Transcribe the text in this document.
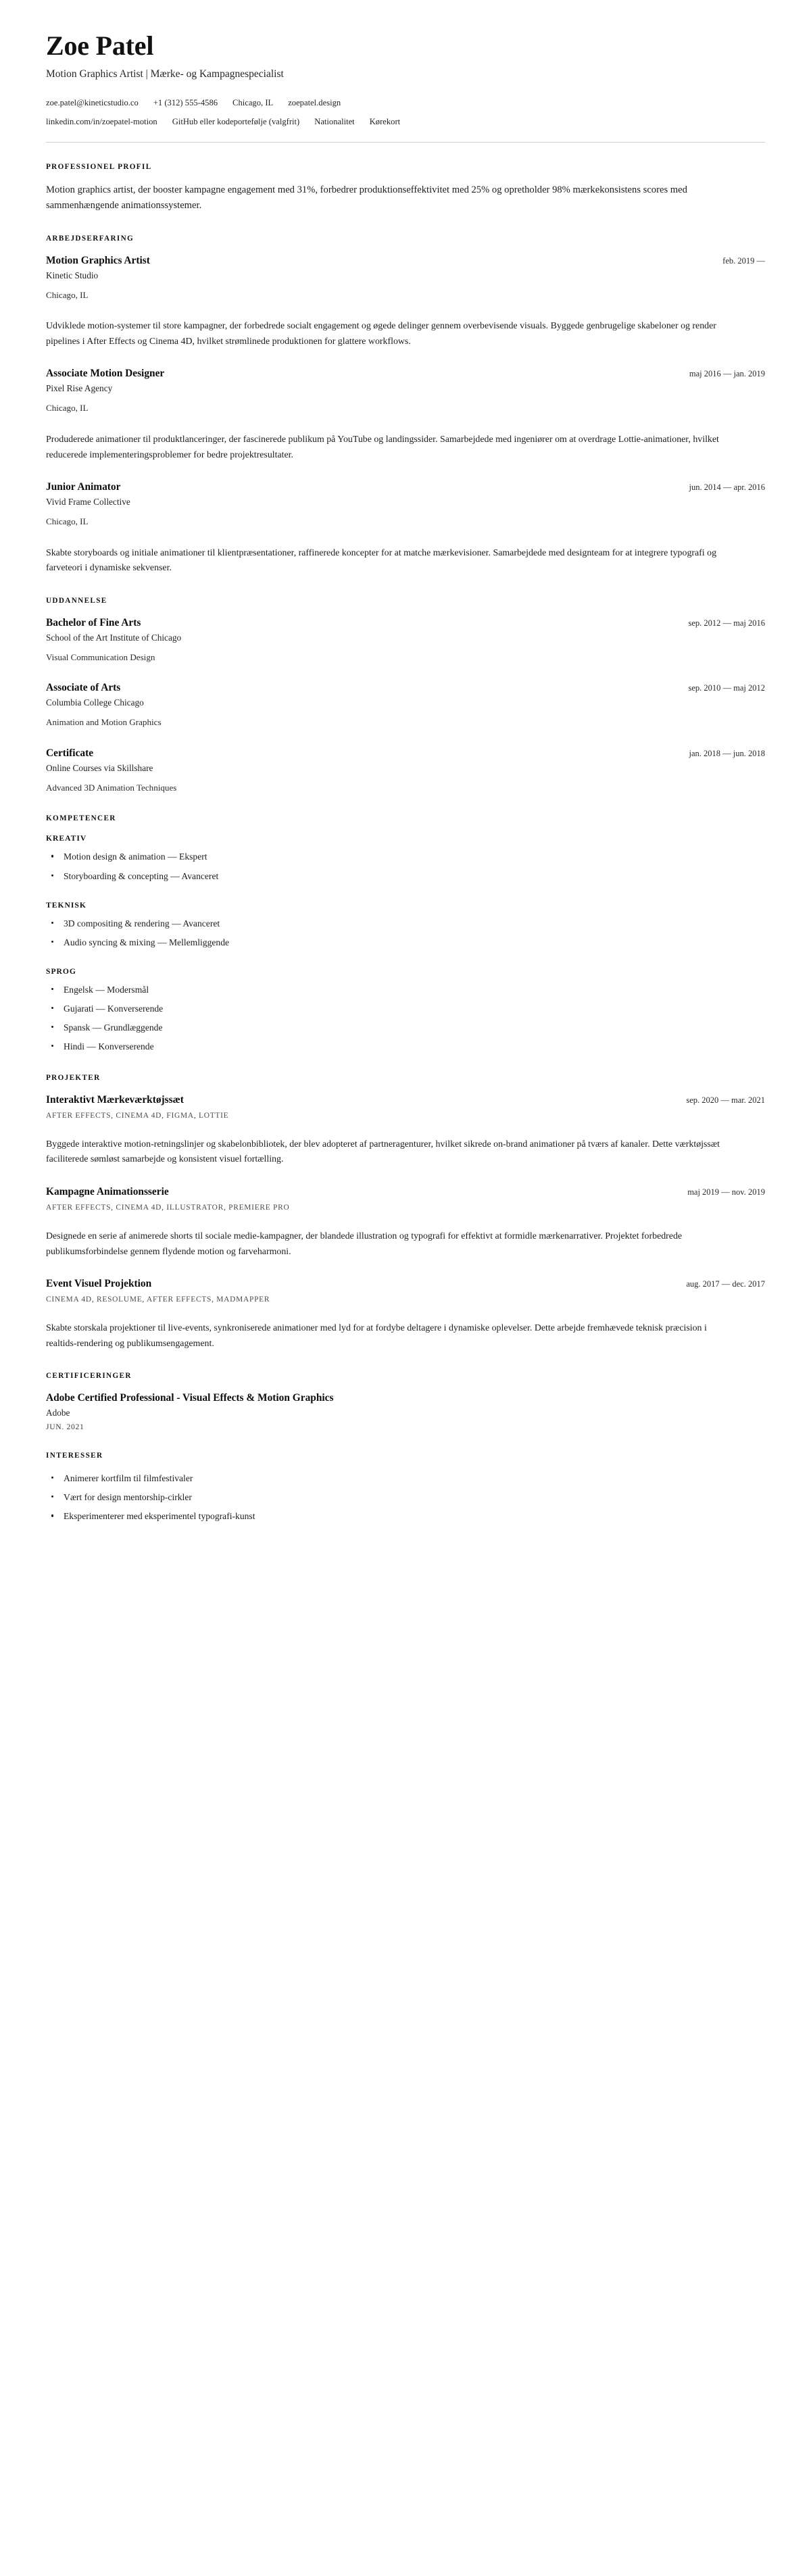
Zoe Patel

Motion Graphics Artist | Mærke- og Kampagnespecialist

zoe.patel@kineticstudio.co +1 (312) 555-4586 Chicago, IL zoepatel.design
linkedin.com/in/zoepatel-motion GitHub eller kodeportefølje (valgfrit) Nationalitet Kørekort
PROFESSIONEL PROFIL

Motion graphics artist, der booster kampagne engagement med 31%, forbedrer produktionseffektivitet med 25% og opretholder 98% mærkekonsistens scores med sammenhængende animationssystemer.

ARBEJDSERFARING
Motion Graphics Artist	feb. 2019 —

Kinetic Studio

Chicago, IL

Udviklede motion-systemer til store kampagner, der forbedrede socialt engagement og øgede delinger gennem overbevisende visuals. Byggede genbrugelige skabeloner og render pipelines i After Effects og Cinema 4D, hvilket strømlinede produktionen for glattere workflows.

Associate Motion Designer	maj 2016 — jan. 2019

Pixel Rise Agency

Chicago, IL

Produderede animationer til produktlanceringer, der fascinerede publikum på YouTube og landingssider. Samarbejdede med ingeniører om at overdrage Lottie-animationer, hvilket reducerede implementeringsproblemer for bedre projektresultater.

Junior Animator	jun. 2014 — apr. 2016

Vivid Frame Collective

Chicago, IL

Skabte storyboards og initiale animationer til klientpræsentationer, raffinerede koncepter for at matche mærkevisioner. Samarbejdede med designteam for at integrere typografi og farveteori i dynamiske sekvenser.

UDDANNELSE
Bachelor of Fine Arts	sep. 2012 — maj 2016

School of the Art Institute of Chicago

Visual Communication Design

Associate of Arts	sep. 2010 — maj 2012

Columbia College Chicago

Animation and Motion Graphics

Certificate	jan. 2018 — jun. 2018

Online Courses via Skillshare

Advanced 3D Animation Techniques

KOMPETENCER
KREATIV
Motion design & animation — Ekspert
Storyboarding & concepting — Avanceret
TEKNISK
3D compositing & rendering — Avanceret
Audio syncing & mixing — Mellemliggende
SPROG
Engelsk — Modersmål
Gujarati — Konverserende
Spansk — Grundlæggende
Hindi — Konverserende
PROJEKTER
Interaktivt Mærkeværktøjssæt	sep. 2020 — mar. 2021

AFTER EFFECTS, CINEMA 4D, FIGMA, LOTTIE

Byggede interaktive motion-retningslinjer og skabelonbibliotek, der blev adopteret af partneragenturer, hvilket sikrede on-brand animationer på tværs af kanaler. Dette værktøjssæt faciliterede sømløst samarbejde og konsistent visuel fortælling.

Kampagne Animationsserie	maj 2019 — nov. 2019

AFTER EFFECTS, CINEMA 4D, ILLUSTRATOR, PREMIERE PRO

Designede en serie af animerede shorts til sociale medie-kampagner, der blandede illustration og typografi for effektivt at formidle mærkenarrativer. Projektet forbedrede publikumsforbindelse gennem flydende motion og farveharmoni.

Event Visuel Projektion	aug. 2017 — dec. 2017

CINEMA 4D, RESOLUME, AFTER EFFECTS, MADMAPPER

Skabte storskala projektioner til live-events, synkroniserede animationer med lyd for at fordybe deltagere i dynamiske oplevelser. Dette arbejde fremhævede teknisk præcision i realtids-rendering og publikumsengagement.

CERTIFICERINGER
Adobe Certified Professional - Visual Effects & Motion Graphics

Adobe

JUN. 2021

INTERESSER
Animerer kortfilm til filmfestivaler
Vært for design mentorship-cirkler
Eksperimenterer med eksperimentel typografi-kunst
